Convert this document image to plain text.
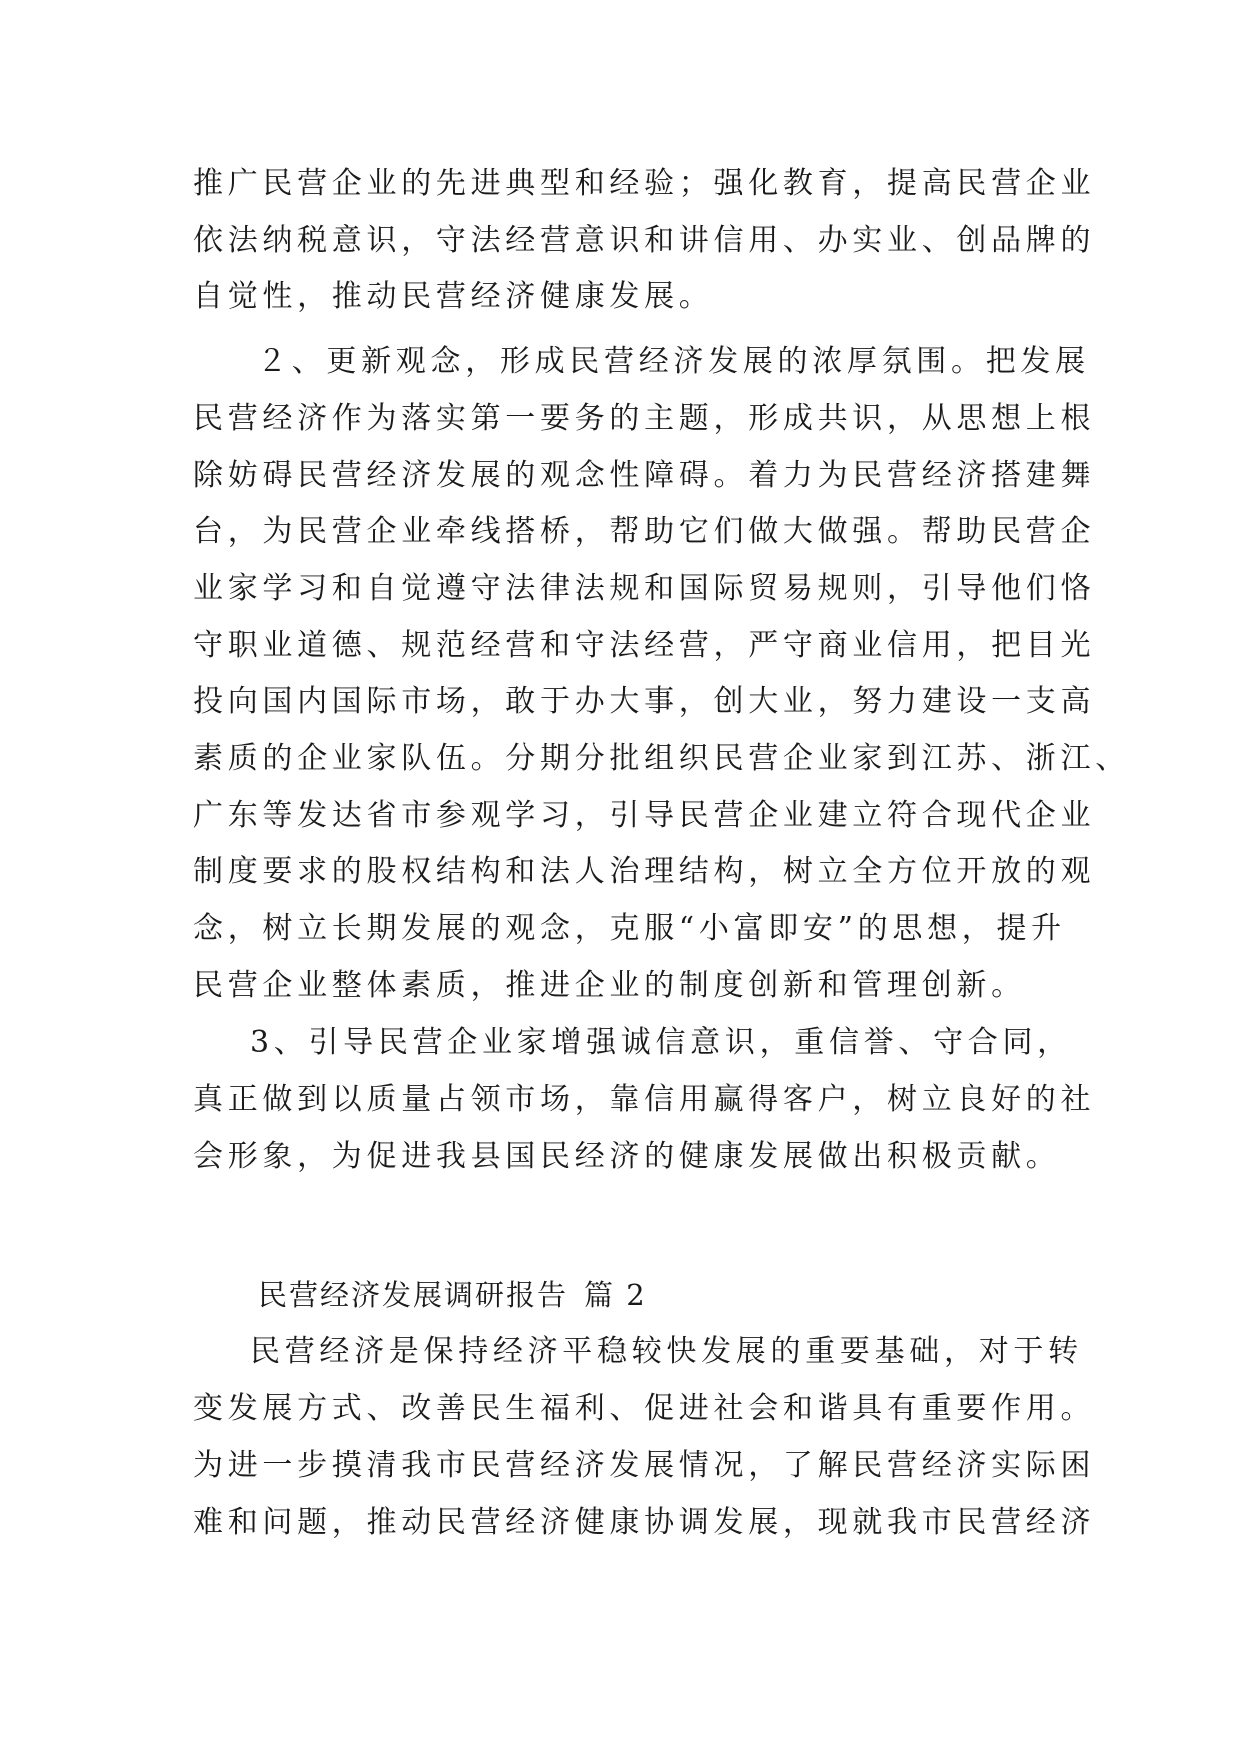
推广民营企业的先进典型和经验；强化教育，提高民营企业
依法纳税意识，守法经营意识和讲信用、办实业、创品牌的
自觉性，推动民营经济健康发展。
２、更新观念，形成民营经济发展的浓厚氛围。把发展
民营经济作为落实第一要务的主题，形成共识，从思想上根
除妨碍民营经济发展的观念性障碍。着力为民营经济搭建舞
台，为民营企业牵线搭桥，帮助它们做大做强。帮助民营企
业家学习和自觉遵守法律法规和国际贸易规则，引导他们恪
守职业道德、规范经营和守法经营，严守商业信用，把目光
投向国内国际市场，敢于办大事，创大业，努力建设一支高
素质的企业家队伍。分期分批组织民营企业家到江苏、浙江、
广东等发达省市参观学习，引导民营企业建立符合现代企业
制度要求的股权结构和法人治理结构，树立全方位开放的观
念，树立长期发展的观念，克服“小富即安”的思想，提升
民营企业整体素质，推进企业的制度创新和管理创新。
3、引导民营企业家增强诚信意识，重信誉、守合同，
真正做到以质量占领市场，靠信用赢得客户，树立良好的社
会形象，为促进我县国民经济的健康发展做出积极贡献。
民营经济发展调研报告 篇 2
民营经济是保持经济平稳较快发展的重要基础，对于转
变发展方式、改善民生福利、促进社会和谐具有重要作用。
为进一步摸清我市民营经济发展情况，了解民营经济实际困
难和问题，推动民营经济健康协调发展，现就我市民营经济
